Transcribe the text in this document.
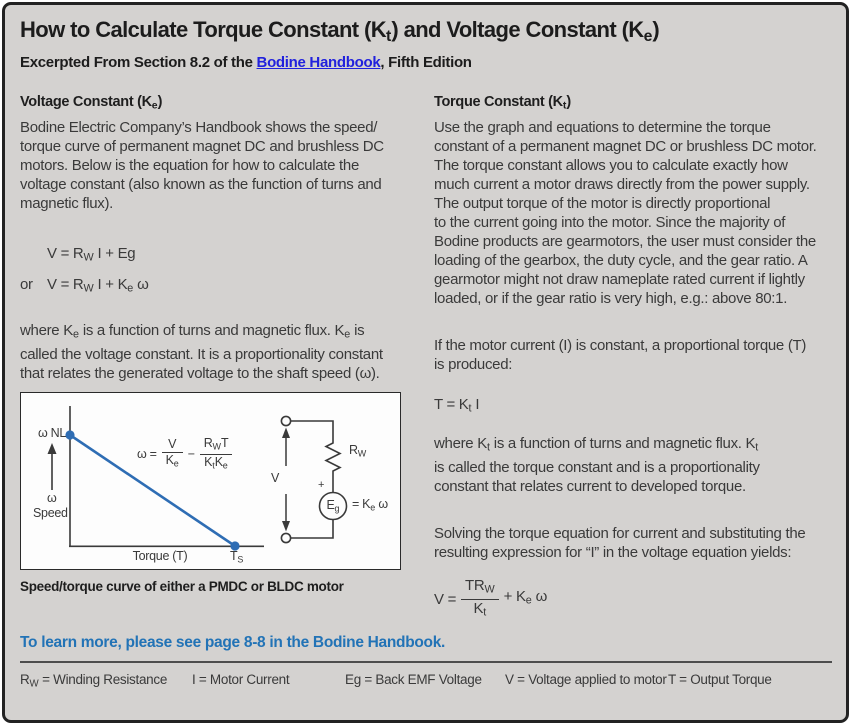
How to Calculate Torque Constant $(K_t)$ and Voltage Constant $(K_e)$
Excerpted From Section 8.2 of the Bodine Handbook, Fifth Edition
Voltage Constant $(K_e)$
Bodine Electric Company’s Handbook shows the speed/
torque curve of permanent magnet DC and brushless DC
motors. Below is the equation for how to calculate the
voltage constant (also known as the function of turns and
magnetic flux).
$V = R_W$ I + Eg
or $V = R_W$ $I + K_e$ ω
where $K_e$ is a function of turns and magnetic flux. $K_e$ is
called the voltage constant. It is a proportionality constant
that relates the generated voltage to the shaft speed (ω).
ω NL
ω
Speed
Torque (T)	$T_S$
$\omega = \frac{V}{K_e} - \frac{R_WT}{K_tK_e}$
V
$R_W$
+
$E_g = K_e$ ω
Speed/torque curve of either a PMDC or BLDC motor
Torque Constant $(K_t)$
Use the graph and equations to determine the torque
constant of a permanent magnet DC or brushless DC motor.
The torque constant allows you to calculate exactly how
much current a motor draws directly from the power supply.
The output torque of the motor is directly proportional
to the current going into the motor. Since the majority of
Bodine products are gearmotors, the user must consider the
loading of the gearbox, the duty cycle, and the gear ratio. A
gearmotor might not draw nameplate rated current if lightly
loaded, or if the gear ratio is very high, e.g.: above 80:1.
If the motor current (I) is constant, a proportional torque (T)
is produced:
$T = K_t$ I
where $K_t$ is a function of turns and magnetic flux. $K_t$
is called the torque constant and is a proportionality
constant that relates current to developed torque.
Solving the torque equation for current and substituting the
resulting expression for “I” in the voltage equation yields:
$V = \frac{TR_W}{K_t} + K_e$ ω
To learn more, please see page 8-8 in the Bodine Handbook.
$R_W$ = Winding Resistance I = Motor Current	Eg = Back EMF Voltage V = Voltage applied to motor T = Output Torque
